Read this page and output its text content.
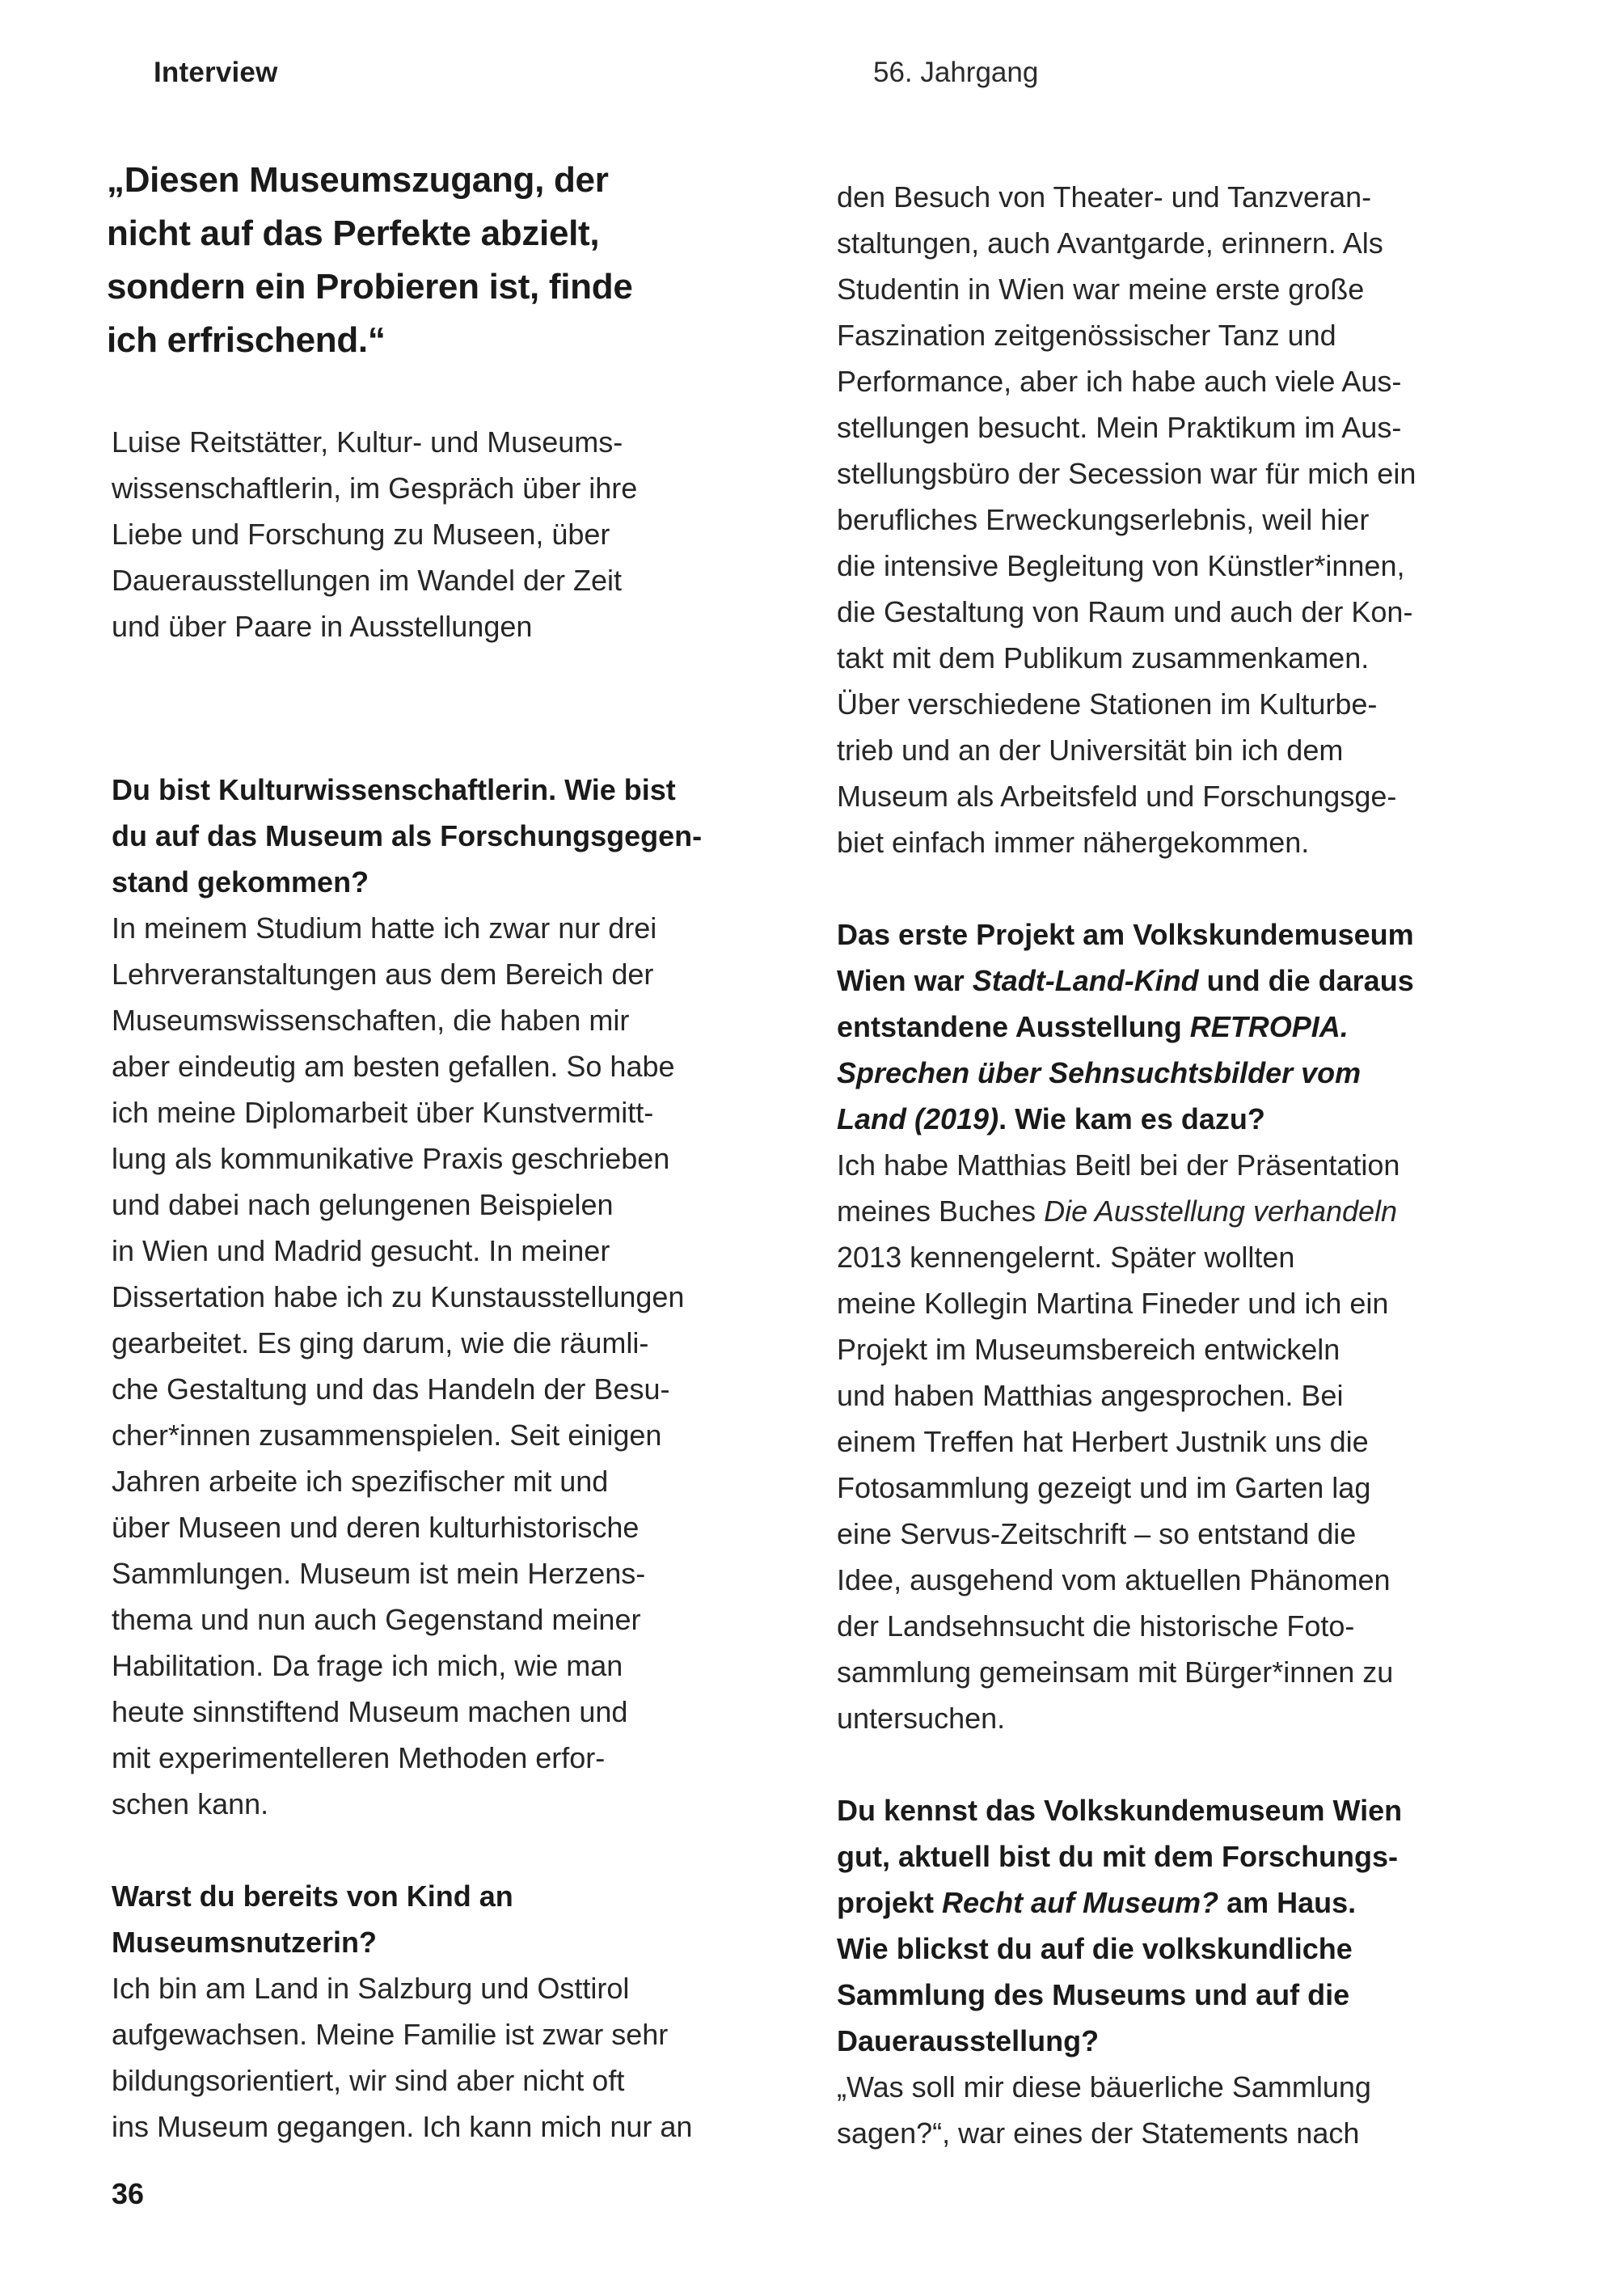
Interview	56. Jahrgang
„Diesen Museumszugang, der
nicht auf das Perfekte abzielt,
sondern ein Probieren ist, finde
ich erfrischend.“
Luise Reitstätter, Kultur- und Museums-
wissenschaftlerin, im Gespräch über ihre
Liebe und Forschung zu Museen, über
Dauerausstellungen im Wandel der Zeit
und über Paare in Ausstellungen
Du bist Kulturwissenschaftlerin. Wie bist
du auf das Museum als Forschungsgegen-
stand gekommen?
In meinem Studium hatte ich zwar nur drei
Lehrveranstaltungen aus dem Bereich der
Museumswissenschaften, die haben mir
aber eindeutig am besten gefallen. So habe
ich meine Diplomarbeit über Kunstvermitt-
lung als kommunikative Praxis geschrieben
und dabei nach gelungenen Beispielen
in Wien und Madrid gesucht. In meiner
Dissertation habe ich zu Kunstausstellungen
gearbeitet. Es ging darum, wie die räumli-
che Gestaltung und das Handeln der Besu-
cher*innen zusammenspielen. Seit einigen
Jahren arbeite ich spezifischer mit und
über Museen und deren kulturhistorische
Sammlungen. Museum ist mein Herzens-
thema und nun auch Gegenstand meiner
Habilitation. Da frage ich mich, wie man
heute sinnstiftend Museum machen und
mit experimentelleren Methoden erfor-
schen kann.
Warst du bereits von Kind an
Museumsnutzerin?
Ich bin am Land in Salzburg und Osttirol
aufgewachsen. Meine Familie ist zwar sehr
bildungsorientiert, wir sind aber nicht oft
ins Museum gegangen. Ich kann mich nur an
den Besuch von Theater- und Tanzveran-
staltungen, auch Avantgarde, erinnern. Als
Studentin in Wien war meine erste große
Faszination zeitgenössischer Tanz und
Performance, aber ich habe auch viele Aus-
stellungen besucht. Mein Praktikum im Aus-
stellungsbüro der Secession war für mich ein
berufliches Erweckungserlebnis, weil hier
die intensive Begleitung von Künstler*innen,
die Gestaltung von Raum und auch der Kon-
takt mit dem Publikum zusammenkamen.
Über verschiedene Stationen im Kulturbe-
trieb und an der Universität bin ich dem
Museum als Arbeitsfeld und Forschungsge-
biet einfach immer nähergekommen.
Das erste Projekt am Volkskundemuseum
Wien war Stadt-Land-Kind und die daraus
entstandene Ausstellung RETROPIA.
Sprechen über Sehnsuchtsbilder vom
Land (2019). Wie kam es dazu?
Ich habe Matthias Beitl bei der Präsentation
meines Buches Die Ausstellung verhandeln
2013 kennengelernt. Später wollten
meine Kollegin Martina Fineder und ich ein
Projekt im Museumsbereich entwickeln
und haben Matthias angesprochen. Bei
einem Treffen hat Herbert Justnik uns die
Fotosammlung gezeigt und im Garten lag
eine Servus-Zeitschrift – so entstand die
Idee, ausgehend vom aktuellen Phänomen
der Landsehnsucht die historische Foto-
sammlung gemeinsam mit Bürger*innen zu
untersuchen.
Du kennst das Volkskundemuseum Wien
gut, aktuell bist du mit dem Forschungs-
projekt Recht auf Museum? am Haus.
Wie blickst du auf die volkskundliche
Sammlung des Museums und auf die
Dauerausstellung?
„Was soll mir diese bäuerliche Sammlung
sagen?“, war eines der Statements nach
36
